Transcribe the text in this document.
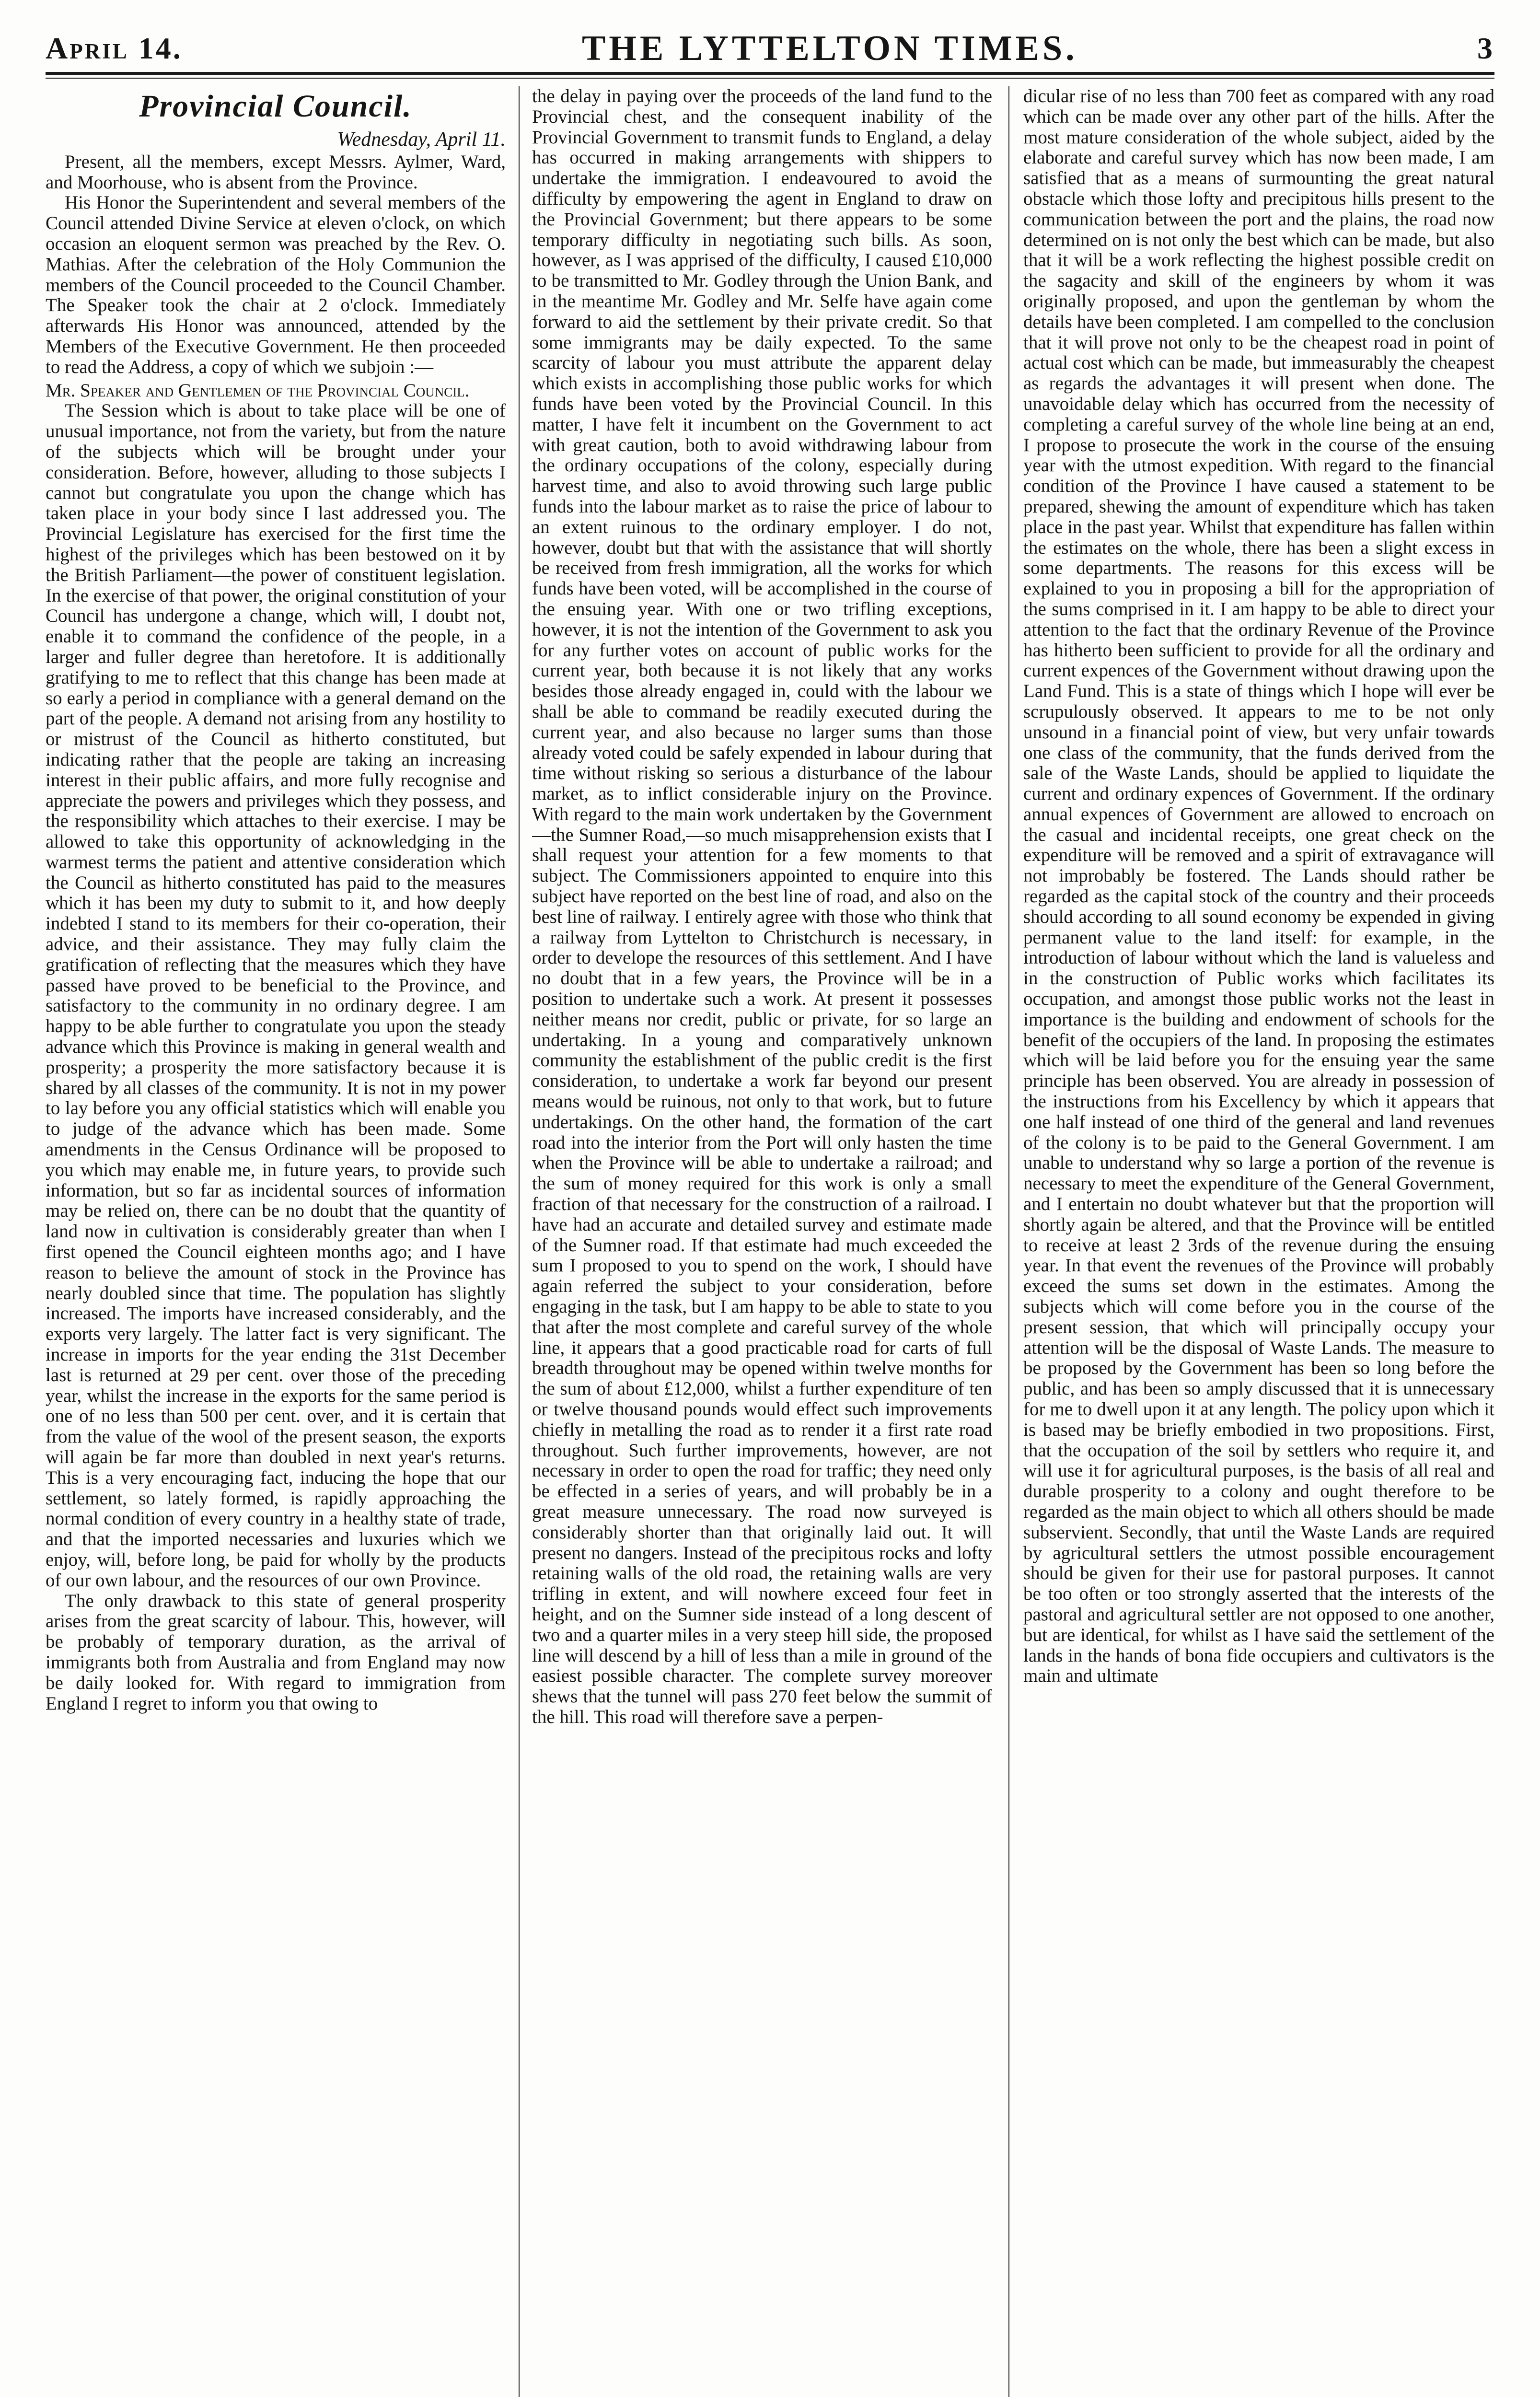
April 14.	THE LYTTELTON TIMES.	3
Provincial Council.

Wednesday, April 11.

Present, all the members, except Messrs. Aylmer, Ward, and Moorhouse, who is absent from the Province.

His Honor the Superintendent and several members of the Council attended Divine Service at eleven o'clock, on which occasion an eloquent sermon was preached by the Rev. O. Mathias. After the celebration of the Holy Communion the members of the Council proceeded to the Council Chamber. The Speaker took the chair at 2 o'clock. Immediately afterwards His Honor was announced, attended by the Members of the Executive Government. He then proceeded to read the Address, a copy of which we subjoin :—

Mr. Speaker and Gentlemen of the Provincial Council.

The Session which is about to take place will be one of unusual importance, not from the variety, but from the nature of the subjects which will be brought under your consideration. Before, however, alluding to those subjects I cannot but congratulate you upon the change which has taken place in your body since I last addressed you. The Provincial Legislature has exercised for the first time the highest of the privileges which has been bestowed on it by the British Parliament—the power of constituent legislation. In the exercise of that power, the original constitution of your Council has undergone a change, which will, I doubt not, enable it to command the confidence of the people, in a larger and fuller degree than heretofore. It is additionally gratifying to me to reflect that this change has been made at so early a period in compliance with a general demand on the part of the people. A demand not arising from any hostility to or mistrust of the Council as hitherto constituted, but indicating rather that the people are taking an increasing interest in their public affairs, and more fully recognise and appreciate the powers and privileges which they possess, and the responsibility which attaches to their exercise. I may be allowed to take this opportunity of acknowledging in the warmest terms the patient and attentive consideration which the Council as hitherto constituted has paid to the measures which it has been my duty to submit to it, and how deeply indebted I stand to its members for their co-operation, their advice, and their assistance. They may fully claim the gratification of reflecting that the measures which they have passed have proved to be beneficial to the Province, and satisfactory to the community in no ordinary degree. I am happy to be able further to congratulate you upon the steady advance which this Province is making in general wealth and prosperity; a prosperity the more satisfactory because it is shared by all classes of the community. It is not in my power to lay before you any official statistics which will enable you to judge of the advance which has been made. Some amendments in the Census Ordinance will be proposed to you which may enable me, in future years, to provide such information, but so far as incidental sources of information may be relied on, there can be no doubt that the quantity of land now in cultivation is considerably greater than when I first opened the Council eighteen months ago; and I have reason to believe the amount of stock in the Province has nearly doubled since that time. The population has slightly increased. The imports have increased considerably, and the exports very largely. The latter fact is very significant. The increase in imports for the year ending the 31st December last is returned at 29 per cent. over those of the preceding year, whilst the increase in the exports for the same period is one of no less than 500 per cent. over, and it is certain that from the value of the wool of the present season, the exports will again be far more than doubled in next year's returns. This is a very encouraging fact, inducing the hope that our settlement, so lately formed, is rapidly approaching the normal condition of every country in a healthy state of trade, and that the imported necessaries and luxuries which we enjoy, will, before long, be paid for wholly by the products of our own labour, and the resources of our own Province.

The only drawback to this state of general prosperity arises from the great scarcity of labour. This, however, will be probably of temporary duration, as the arrival of immigrants both from Australia and from England may now be daily looked for. With regard to immigration from England I regret to inform you that owing to

the delay in paying over the proceeds of the land fund to the Provincial chest, and the consequent inability of the Provincial Government to transmit funds to England, a delay has occurred in making arrangements with shippers to undertake the immigration. I endeavoured to avoid the difficulty by empowering the agent in England to draw on the Provincial Government; but there appears to be some temporary difficulty in negotiating such bills. As soon, however, as I was apprised of the difficulty, I caused £10,000 to be transmitted to Mr. Godley through the Union Bank, and in the meantime Mr. Godley and Mr. Selfe have again come forward to aid the settlement by their private credit. So that some immigrants may be daily expected. To the same scarcity of labour you must attribute the apparent delay which exists in accomplishing those public works for which funds have been voted by the Provincial Council. In this matter, I have felt it incumbent on the Government to act with great caution, both to avoid withdrawing labour from the ordinary occupations of the colony, especially during harvest time, and also to avoid throwing such large public funds into the labour market as to raise the price of labour to an extent ruinous to the ordinary employer. I do not, however, doubt but that with the assistance that will shortly be received from fresh immigration, all the works for which funds have been voted, will be accomplished in the course of the ensuing year. With one or two trifling exceptions, however, it is not the intention of the Government to ask you for any further votes on account of public works for the current year, both because it is not likely that any works besides those already engaged in, could with the labour we shall be able to command be readily executed during the current year, and also because no larger sums than those already voted could be safely expended in labour during that time without risking so serious a disturbance of the labour market, as to inflict considerable injury on the Province. With regard to the main work undertaken by the Government—the Sumner Road,—so much misapprehension exists that I shall request your attention for a few moments to that subject. The Commissioners appointed to enquire into this subject have reported on the best line of road, and also on the best line of railway. I entirely agree with those who think that a railway from Lyttelton to Christchurch is necessary, in order to develope the resources of this settlement. And I have no doubt that in a few years, the Province will be in a position to undertake such a work. At present it possesses neither means nor credit, public or private, for so large an undertaking. In a young and comparatively unknown community the establishment of the public credit is the first consideration, to undertake a work far beyond our present means would be ruinous, not only to that work, but to future undertakings. On the other hand, the formation of the cart road into the interior from the Port will only hasten the time when the Province will be able to undertake a railroad; and the sum of money required for this work is only a small fraction of that necessary for the construction of a railroad. I have had an accurate and detailed survey and estimate made of the Sumner road. If that estimate had much exceeded the sum I proposed to you to spend on the work, I should have again referred the subject to your consideration, before engaging in the task, but I am happy to be able to state to you that after the most complete and careful survey of the whole line, it appears that a good practicable road for carts of full breadth throughout may be opened within twelve months for the sum of about £12,000, whilst a further expenditure of ten or twelve thousand pounds would effect such improvements chiefly in metalling the road as to render it a first rate road throughout. Such further improvements, however, are not necessary in order to open the road for traffic; they need only be effected in a series of years, and will probably be in a great measure unnecessary. The road now surveyed is considerably shorter than that originally laid out. It will present no dangers. Instead of the precipitous rocks and lofty retaining walls of the old road, the retaining walls are very trifling in extent, and will nowhere exceed four feet in height, and on the Sumner side instead of a long descent of two and a quarter miles in a very steep hill side, the proposed line will descend by a hill of less than a mile in ground of the easiest possible character. The complete survey moreover shews that the tunnel will pass 270 feet below the summit of the hill. This road will therefore save a perpen-

dicular rise of no less than 700 feet as compared with any road which can be made over any other part of the hills. After the most mature consideration of the whole subject, aided by the elaborate and careful survey which has now been made, I am satisfied that as a means of surmounting the great natural obstacle which those lofty and precipitous hills present to the communication between the port and the plains, the road now determined on is not only the best which can be made, but also that it will be a work reflecting the highest possible credit on the sagacity and skill of the engineers by whom it was originally proposed, and upon the gentleman by whom the details have been completed. I am compelled to the conclusion that it will prove not only to be the cheapest road in point of actual cost which can be made, but immeasurably the cheapest as regards the advantages it will present when done. The unavoidable delay which has occurred from the necessity of completing a careful survey of the whole line being at an end, I propose to prosecute the work in the course of the ensuing year with the utmost expedition. With regard to the financial condition of the Province I have caused a statement to be prepared, shewing the amount of expenditure which has taken place in the past year. Whilst that expenditure has fallen within the estimates on the whole, there has been a slight excess in some departments. The reasons for this excess will be explained to you in proposing a bill for the appropriation of the sums comprised in it. I am happy to be able to direct your attention to the fact that the ordinary Revenue of the Province has hitherto been sufficient to provide for all the ordinary and current expences of the Government without drawing upon the Land Fund. This is a state of things which I hope will ever be scrupulously observed. It appears to me to be not only unsound in a financial point of view, but very unfair towards one class of the community, that the funds derived from the sale of the Waste Lands, should be applied to liquidate the current and ordinary expences of Government. If the ordinary annual expences of Government are allowed to encroach on the casual and incidental receipts, one great check on the expenditure will be removed and a spirit of extravagance will not improbably be fostered. The Lands should rather be regarded as the capital stock of the country and their proceeds should according to all sound economy be expended in giving permanent value to the land itself: for example, in the introduction of labour without which the land is valueless and in the construction of Public works which facilitates its occupation, and amongst those public works not the least in importance is the building and endowment of schools for the benefit of the occupiers of the land. In proposing the estimates which will be laid before you for the ensuing year the same principle has been observed. You are already in possession of the instructions from his Excellency by which it appears that one half instead of one third of the general and land revenues of the colony is to be paid to the General Government. I am unable to understand why so large a portion of the revenue is necessary to meet the expenditure of the General Government, and I entertain no doubt whatever but that the proportion will shortly again be altered, and that the Province will be entitled to receive at least 2 3rds of the revenue during the ensuing year. In that event the revenues of the Province will probably exceed the sums set down in the estimates. Among the subjects which will come before you in the course of the present session, that which will principally occupy your attention will be the disposal of Waste Lands. The measure to be proposed by the Government has been so long before the public, and has been so amply discussed that it is unnecessary for me to dwell upon it at any length. The policy upon which it is based may be briefly embodied in two propositions. First, that the occupation of the soil by settlers who require it, and will use it for agricultural purposes, is the basis of all real and durable prosperity to a colony and ought therefore to be regarded as the main object to which all others should be made subservient. Secondly, that until the Waste Lands are required by agricultural settlers the utmost possible encouragement should be given for their use for pastoral purposes. It cannot be too often or too strongly asserted that the interests of the pastoral and agricultural settler are not opposed to one another, but are identical, for whilst as I have said the settlement of the lands in the hands of bona fide occupiers and cultivators is the main and ultimate
